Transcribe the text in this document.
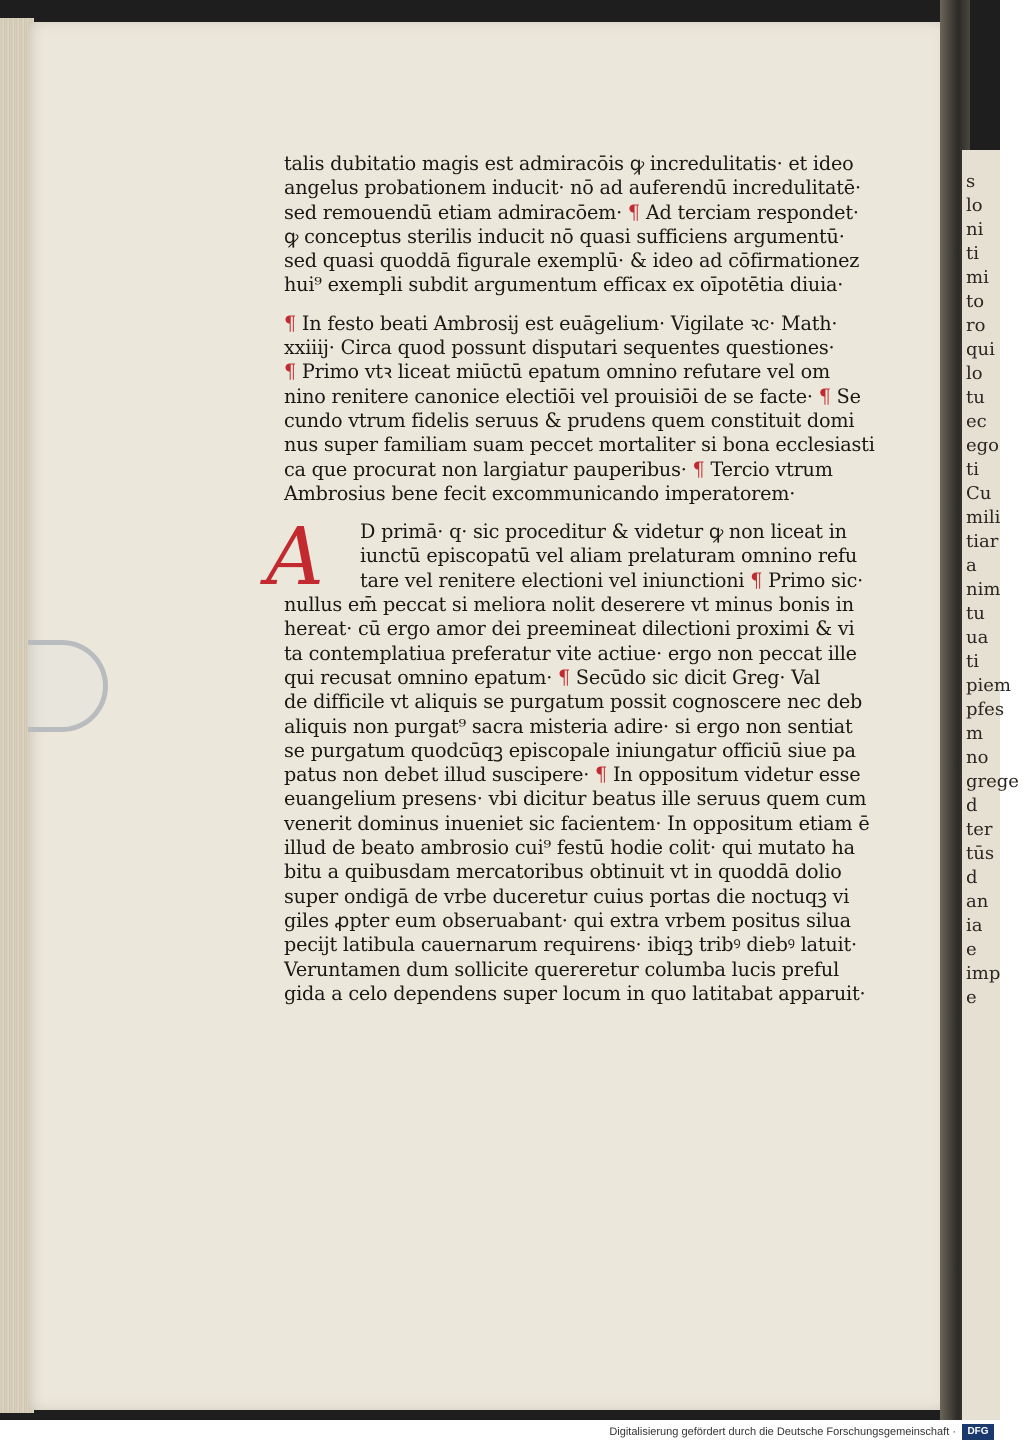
s
lo
ni
ti
mi
to
ro
qui
lo
tu
ec
ego
ti
Cu
mili
tiar
a
nim
tu
ua
ti
piem
pfes
m
no
grege
d
ter
tūs
d
an
ia
e
imp
e
talis dubitatio magis est admiracōis ꝙ incredulitatis· et ideo
angelus probationem inducit· nō ad auferendū incredulitatē·
sed remouendū etiam admiracōem· ¶ Ad terciam respondet·
ꝙ conceptus sterilis inducit nō quasi sufficiens argumentū·
sed quasi quoddā figurale exemplū· & ideo ad cōfirmationez
hui⁹ exempli subdit argumentum efficax ex oīpotētia diuia·
¶ In festo beati Ambrosij est euāgelium· Vigilate ꝛc· Math·
xxiiij· Circa quod possunt disputari sequentes questiones·
¶ Primo vtꝛ liceat miūctū epatum omnino refutare vel om
nino renitere canonice electiōi vel prouisiōi de se facte· ¶ Se
cundo vtrum fidelis seruus & prudens quem constituit domi
nus super familiam suam peccet mortaliter si bona ecclesiasti
ca que procurat non largiatur pauperibus· ¶ Tercio vtrum
Ambrosius bene fecit excommunicando imperatorem·
A	D primā· q· sic proceditur & videtur ꝙ non liceat in
iunctū episcopatū vel aliam prelaturam omnino refu
tare vel renitere electioni vel iniunctioni ¶ Primo sic·
nullus em̄ peccat si meliora nolit deserere vt minus bonis in
hereat· cū ergo amor dei preemineat dilectioni proximi & vi
ta contemplatiua preferatur vite actiue· ergo non peccat ille
qui recusat omnino epatum· ¶ Secūdo sic dicit Greg· Val
de difficile vt aliquis se purgatum possit cognoscere nec deb
aliquis non purgat⁹ sacra misteria adire· si ergo non sentiat
se purgatum quodcūqꝫ episcopale iniungatur officiū siue pa
patus non debet illud suscipere· ¶ In oppositum videtur esse
euangelium presens· vbi dicitur beatus ille seruus quem cum
venerit dominus inueniet sic facientem· In oppositum etiam ē
illud de beato ambrosio cui⁹ festū hodie colit· qui mutato ha
bitu a quibusdam mercatoribus obtinuit vt in quoddā dolio
super ondigā de vrbe duceretur cuius portas die noctuqꝫ vi
giles ꝓpter eum obseruabant· qui extra vrbem positus silua
pecijt latibula cauernarum requirens· ibiqꝫ tribꝰ diebꝰ latuit·
Veruntamen dum sollicite quereretur columba lucis preful
gida a celo dependens super locum in quo latitabat apparuit·
Digitalisierung gefördert durch die Deutsche Forschungsgemeinschaft ·	DFG
